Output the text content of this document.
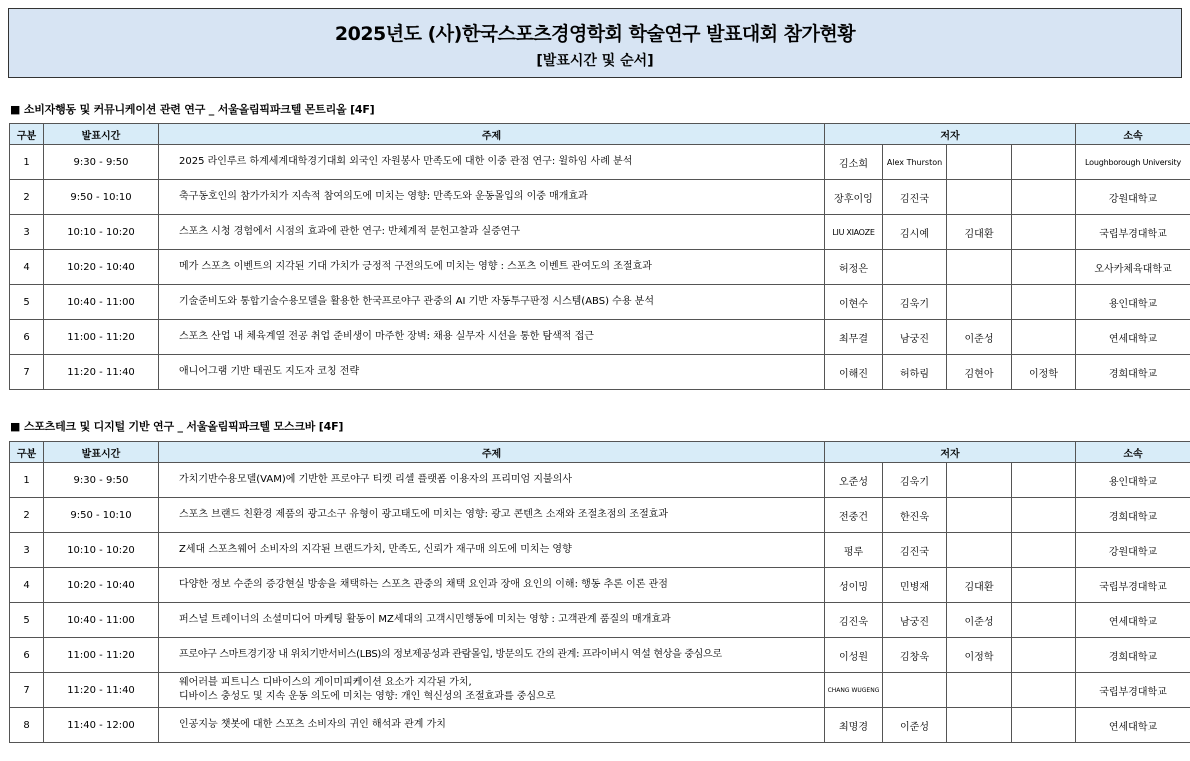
2025년도 (사)한국스포츠경영학회 학술연구 발표대회 참가현황
[발표시간 및 순서]
■ 소비자행동 및 커뮤니케이션 관련 연구 _ 서울올림픽파크텔 몬트리올 [4F]
구분	발표시간	주제	저자				소속
1	9:30 - 9:50	2025 라인루르 하계세계대학경기대회 외국인 자원봉사 만족도에 대한 이중 관점 연구: 윌하임 사례 분석	김소희	Alex Thurston			Loughborough University
2	9:50 - 10:10	축구동호인의 참가가치가 지속적 참여의도에 미치는 영향: 만족도와 운동몰입의 이중 매개효과	장후이잉	김진국			강원대학교
3	10:10 - 10:20	스포츠 시청 경험에서 시점의 효과에 관한 연구: 반체계적 문헌고찰과 실증연구	LIU XIAOZE	김시예	김대환		국립부경대학교
4	10:20 - 10:40	메가 스포츠 이벤트의 지각된 기대 가치가 긍정적 구전의도에 미치는 영향 : 스포츠 이벤트 관여도의 조절효과	허정은				오사카체육대학교
5	10:40 - 11:00	기술준비도와 통합기술수용모델을 활용한 한국프로야구 관중의 AI 기반 자동투구판정 시스템(ABS) 수용 분석	이현수	김욱기			용인대학교
6	11:00 - 11:20	스포츠 산업 내 체육계열 전공 취업 준비생이 마주한 장벽: 채용 실무자 시선을 통한 탐색적 접근	최무결	남궁진	이준성		연세대학교
7	11:20 - 11:40	애니어그램 기반 태권도 지도자 코칭 전략	이해진	허하림	김현아	이정학	경희대학교
■ 스포츠테크 및 디지털 기반 연구 _ 서울올림픽파크텔 모스크바 [4F]
구분	발표시간	주제	저자				소속
1	9:30 - 9:50	가치기반수용모델(VAM)에 기반한 프로야구 티켓 리셀 플랫폼 이용자의 프리미엄 지불의사	오준성	김욱기			용인대학교
2	9:50 - 10:10	스포츠 브랜드 친환경 제품의 광고소구 유형이 광고태도에 미치는 영향: 광고 콘텐츠 소재와 조절초점의 조절효과	전중건	한진욱			경희대학교
3	10:10 - 10:20	Z세대 스포츠웨어 소비자의 지각된 브랜드가치, 만족도, 신뢰가 재구매 의도에 미치는 영향	펑루	김진국			강원대학교
4	10:20 - 10:40	다양한 정보 수준의 증강현실 방송을 채택하는 스포츠 관중의 채택 요인과 장애 요인의 이해: 행동 추론 이론 관점	성이밍	민병재	김대환		국립부경대학교
5	10:40 - 11:00	퍼스널 트레이너의 소셜미디어 마케팅 활동이 MZ세대의 고객시민행동에 미치는 영향 : 고객관계 품질의 매개효과	김진욱	남궁진	이준성		연세대학교
6	11:00 - 11:20	프로야구 스마트경기장 내 위치기반서비스(LBS)의 정보제공성과 관람몰입, 방문의도 간의 관계: 프라이버시 역설 현상을 중심으로	이성원	김창욱	이정학		경희대학교
7	11:20 - 11:40	웨어러블 피트니스 디바이스의 게이미피케이션 요소가 지각된 가치,
디바이스 충성도 및 지속 운동 의도에 미치는 영향: 개인 혁신성의 조절효과를 중심으로	CHANG WUGENG				국립부경대학교
8	11:40 - 12:00	인공지능 챗봇에 대한 스포츠 소비자의 귀인 해석과 관계 가치	최명경	이준성			연세대학교
